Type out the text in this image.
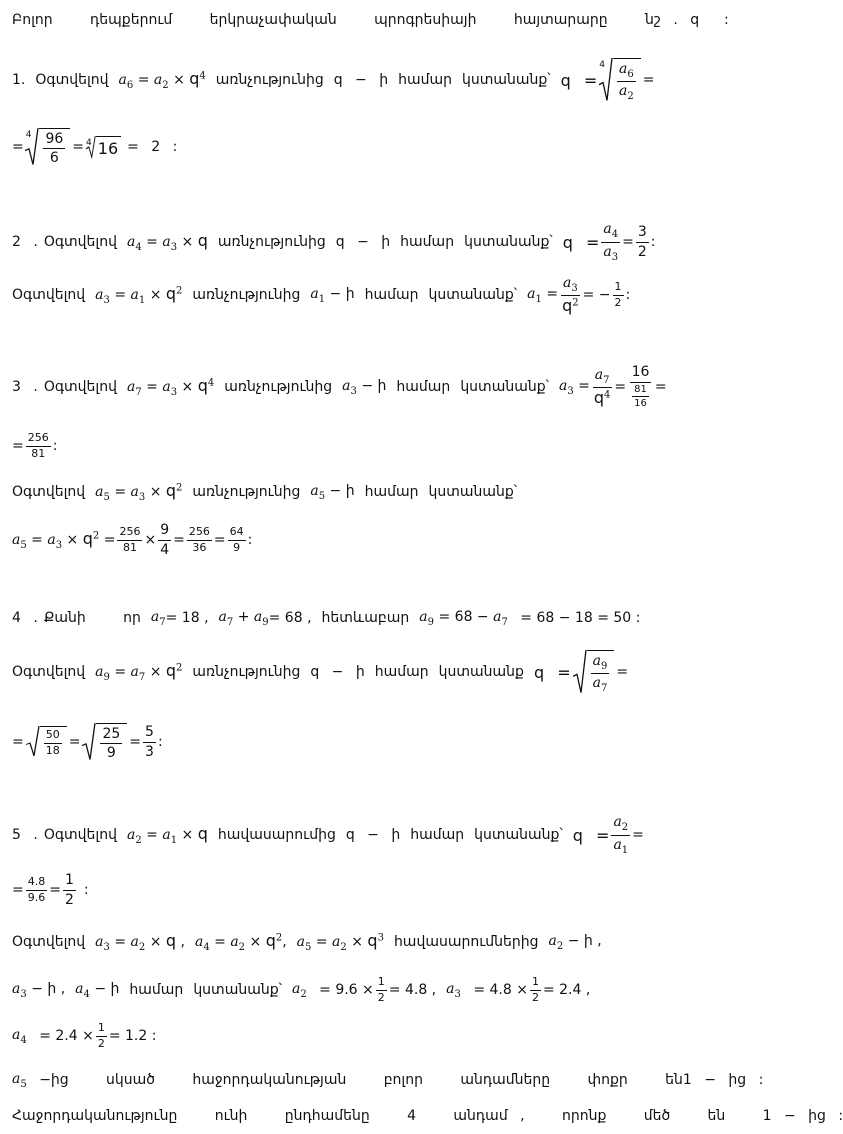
Բոլոր   դեպքերում   երկրաչափական   պրոգրեսիայի   հայտարարը   նշ . q  :
1. Օգտվելով $a_6 = a_2 \times q^4$ առնչությունից q − ի համար կստանանք՝ q =
$4 \frac{a_6}{a_2}$ =
=
$4 \frac{96}{6} = 4$ 16 = 2 :
2 . Օգտվելով $a_4 = a_3 \times q$ առնչությունից q − ի համար կստանանք՝ $q = \frac{a_4}{a_3} = \frac{3}{2}$ :
Օգտվելով $a_3 = a_1 \times q^2$ առնչությունից $a_1$ − ի համար կստանանք՝ $a_1 = \frac{a_3}{q^2}$ = − $\frac{1}{2}$ :
3 . Օգտվելով $a_7 = a_3 \times q^4$ առնչությունից $a_3$ − ի համար կստանանք՝ $a_3 = \frac{a_7}{q^4} = \frac{16}{\frac{81}{16}}$ =
= $\frac{256}{81}$ :
Օգտվելով $a_5 = a_3 \times q^2$ առնչությունից $a_5$ − ի համար կստանանք՝
$a_5 = a_3 \times q^2 = \frac{256}{81} \times \frac{9}{4} = \frac{256}{36} = \frac{64}{9}$ :
4 . Քանի   որ $a_7 = 18$ , $a_7 + a_9 = 68$ , հետևաբար $a_9 = 68 - a_7$
= 68 − 18 = 50 :
Օգտվելով $a_9 = a_7 \times q^2$ առնչությունից q − ի համար կստանանք $q = \frac{a_9}{a_7}$ =
= $\frac{50}{18} = \frac{25}{9} = \frac{5}{3}$ :
5 . Օգտվելով $a_2 = a_1 \times q$ հավասարումից q − ի համար կստանանք՝ $q = \frac{a_2}{a_1}$ =
= $\frac{4.8}{9.6} = \frac{1}{2}$ :
Օգտվելով $a_3 = a_2 \times q$ , $a_4 = a_2 \times q^2$, $a_5 = a_2 \times q^3$ հավասարումներից $a_2$ − ի ,
$a_3$ − ի , $a_4$ − ի համար կստանանք՝ $a_2$
= $9.6 \times \frac{1}{2} = 4.8$ , $a_3$
= $4.8 \times \frac{1}{2} = 2.4$ ,
$a_4$
= $2.4 \times \frac{1}{2} = 1.2$ :
$a_5$
−ից   սկսած   հաջորդականության   բոլոր   անդամները   փոքր   են 1 − ից :
Հաջորդականությունը   ունի   ընդհամենը   4   անդամ ,   որոնք   մեծ   են   1 − ից :
